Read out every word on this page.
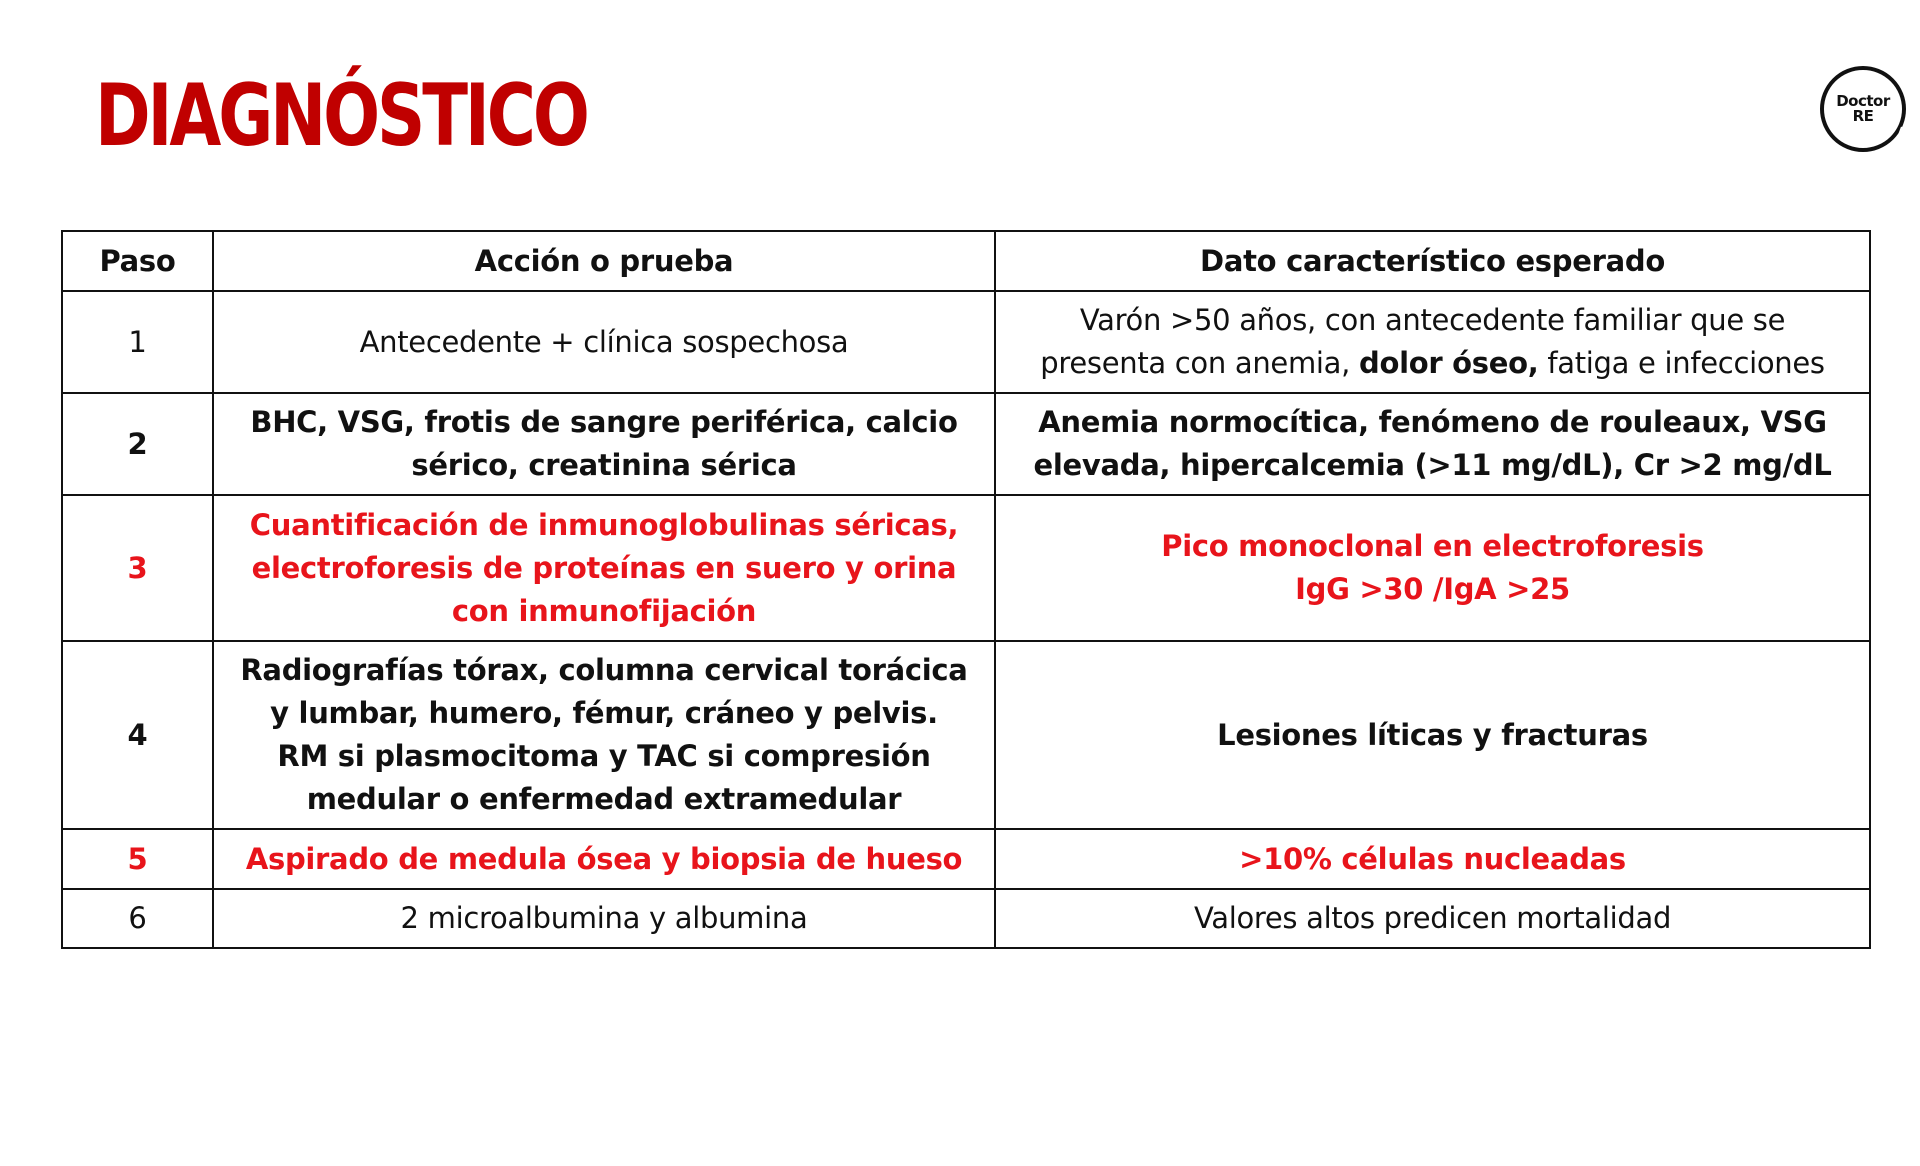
DIAGNÓSTICO	Doctor
RE
Paso	Acción o prueba	Dato característico esperado
1	Antecedente + clínica sospechosa	Varón >50 años, con antecedente familiar que se
presenta con anemia, dolor óseo, fatiga e infecciones

2	BHC, VSG, frotis de sangre periférica, calcio
sérico, creatinina sérica	Anemia normocítica, fenómeno de rouleaux, VSG
elevada, hipercalcemia (>11 mg/dL), Cr >2 mg/dL

3	Cuantificación de inmunoglobulinas séricas,
electroforesis de proteínas en suero y orina
con inmunofijación	Pico monoclonal en electroforesis
IgG >30 /IgA >25

4	Radiografías tórax, columna cervical torácica
y lumbar, humero, fémur, cráneo y pelvis.
RM si plasmocitoma y TAC si compresión
medular o enfermedad extramedular	Lesiones líticas y fracturas
5	Aspirado de medula ósea y biopsia de hueso	>10% células nucleadas
6	2 microalbumina y albumina	Valores altos predicen mortalidad
